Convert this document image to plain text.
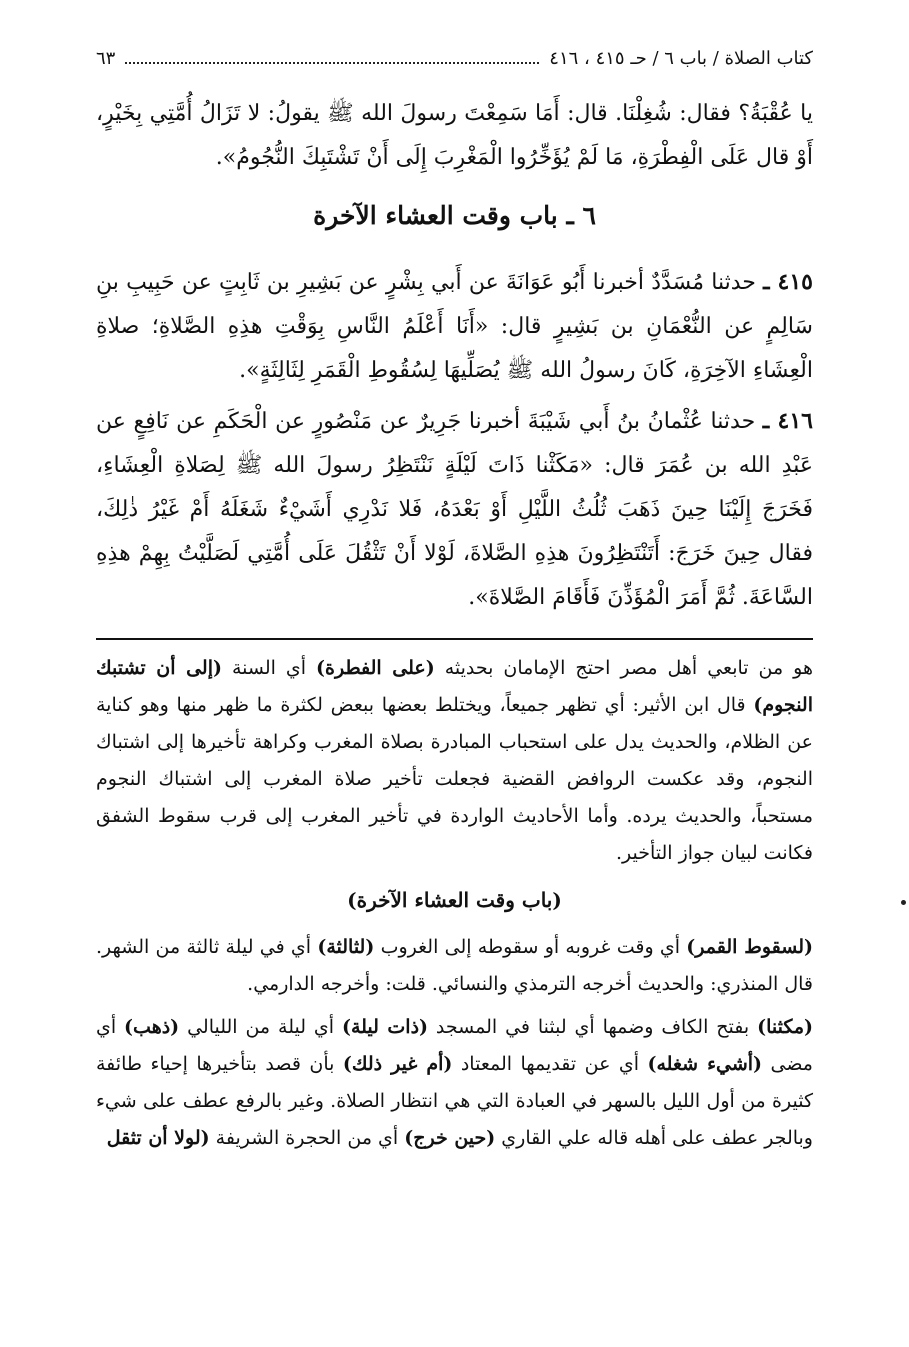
كتاب الصلاة / باب ٦ / حـ ٤١٥ ، ٤١٦
٦٣

يا عُقْبَةُ؟ فقال: شُغِلْنَا. قال: أَمَا سَمِعْتَ رسولَ الله ﷺ يقولُ: لا تَزَالُ أُمَّتِي بِخَيْرٍ، أَوْ قال عَلَى الْفِطْرَةِ، مَا لَمْ يُؤَخِّرُوا الْمَغْرِبَ إِلَى أَنْ تَشْتَبِكَ النُّجُومُ».

٦ ـ باب وقت العشاء الآخرة

٤١٥ ـ حدثنا مُسَدَّدٌ أخبرنا أَبُو عَوَانَةَ عن أَبي بِشْرٍ عن بَشِيرِ بن ثَابِتٍ عن حَبِيبِ بنِ سَالِمٍ عن النُّعْمَانِ بن بَشِيرٍ قال: «أَنَا أَعْلَمُ النَّاسِ بِوَقْتِ هذِهِ الصَّلاةِ؛ صلاةِ الْعِشَاءِ الآخِرَةِ، كَانَ رسولُ الله ﷺ يُصَلِّيهَا لِسُقُوطِ الْقَمَرِ لِثَالِثَةٍ».

٤١٦ ـ حدثنا عُثْمانُ بنُ أَبي شَيْبَةَ أخبرنا جَرِيرٌ عن مَنْصُورٍ عن الْحَكَمِ عن نَافِعٍ عن عَبْدِ الله بن عُمَرَ قال: «مَكَثْنا ذَاتَ لَيْلَةٍ نَنْتَظِرُ رسولَ الله ﷺ لِصَلاةِ الْعِشَاءِ، فَخَرَجَ إِلَيْنَا حِينَ ذَهَبَ ثُلُثُ اللَّيْلِ أَوْ بَعْدَهُ، فَلا نَدْرِي أَشَيْءٌ شَغَلَهُ أَمْ غَيْرُ ذٰلِكَ، فقال حِينَ خَرَجَ: أَتَنْتَظِرُونَ هذِهِ الصَّلاةَ، لَوْلا أَنْ تَثْقُلَ عَلَى أُمَّتِي لَصَلَّيْتُ بِهِمْ هذِهِ السَّاعَةَ. ثُمَّ أَمَرَ الْمُؤَذِّنَ فَأَقَامَ الصَّلاةَ».

هو من تابعي أهل مصر احتج الإمامان بحديثه (على الفطرة) أي السنة (إلى أن تشتبك النجوم) قال ابن الأثير: أي تظهر جميعاً، ويختلط بعضها ببعض لكثرة ما ظهر منها وهو كناية عن الظلام، والحديث يدل على استحباب المبادرة بصلاة المغرب وكراهة تأخيرها إلى اشتباك النجوم، وقد عكست الروافض القضية فجعلت تأخير صلاة المغرب إلى اشتباك النجوم مستحباً، والحديث يرده. وأما الأحاديث الواردة في تأخير المغرب إلى قرب سقوط الشفق فكانت لبيان جواز التأخير.

(باب وقت العشاء الآخرة)

(لسقوط القمر) أي وقت غروبه أو سقوطه إلى الغروب (لثالثة) أي في ليلة ثالثة من الشهر. قال المنذري: والحديث أخرجه الترمذي والنسائي. قلت: وأخرجه الدارمي.

(مكثنا) بفتح الكاف وضمها أي لبثنا في المسجد (ذات ليلة) أي ليلة من الليالي (ذهب) أي مضى (أشيء شغله) أي عن تقديمها المعتاد (أم غير ذلك) بأن قصد بتأخيرها إحياء طائفة كثيرة من أول الليل بالسهر في العبادة التي هي انتظار الصلاة. وغير بالرفع عطف على شيء وبالجر عطف على أهله قاله علي القاري (حين خرج) أي من الحجرة الشريفة (لولا أن تثقل
